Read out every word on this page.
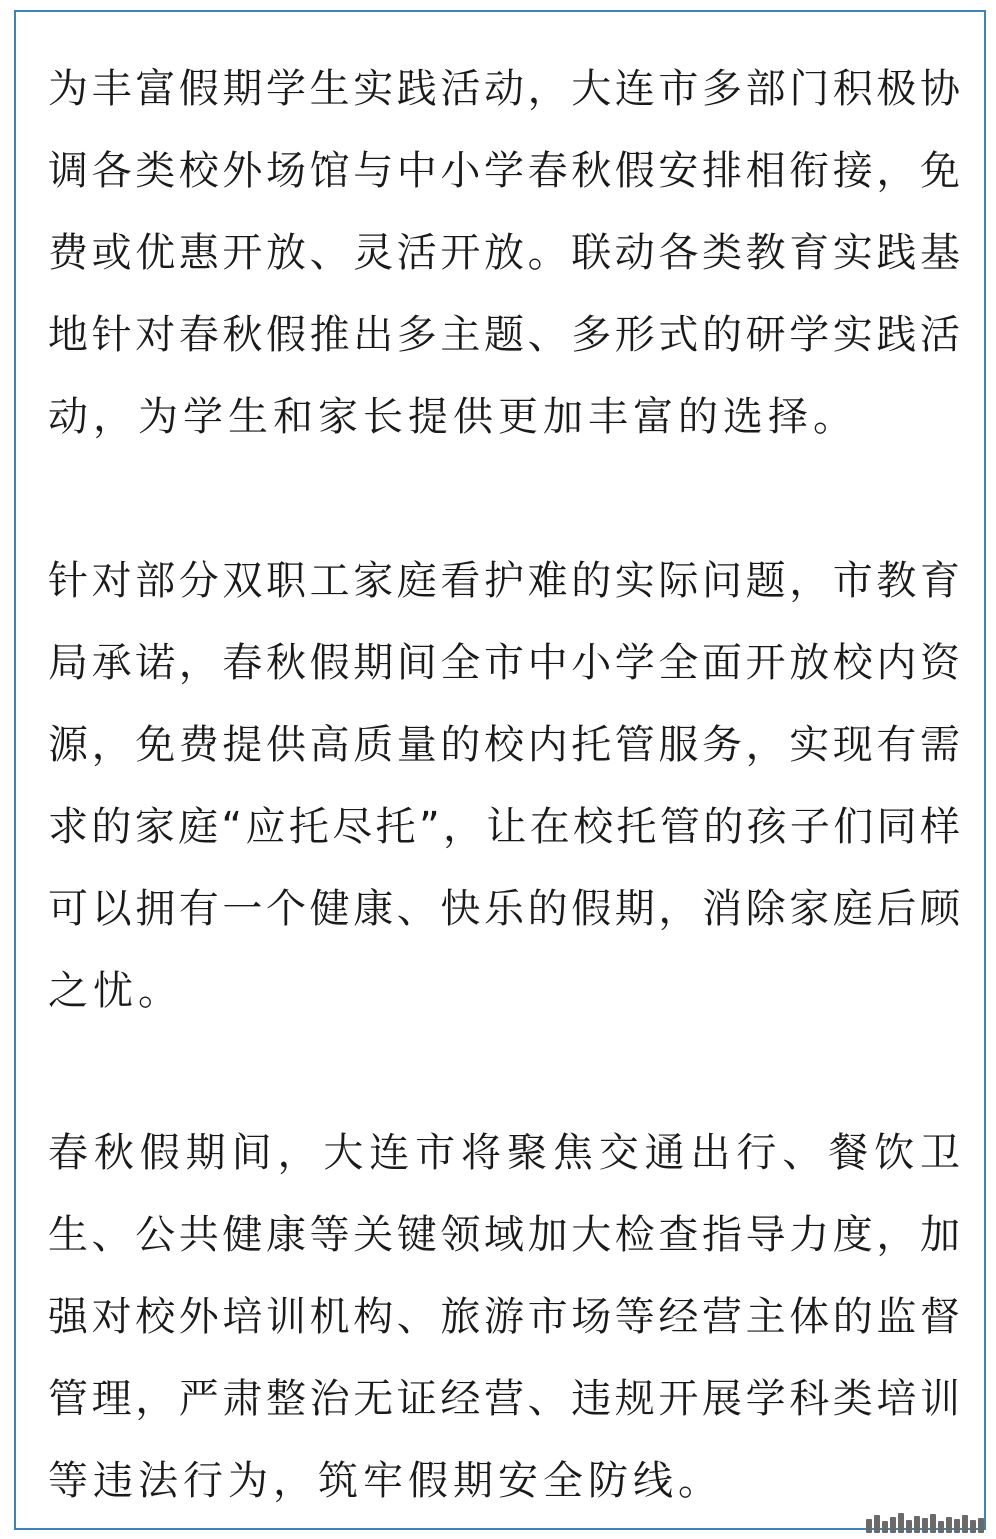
为丰富假期学生实践活动，大连市多部门积极协
调各类校外场馆与中小学春秋假安排相衔接，免
费或优惠开放、灵活开放。联动各类教育实践基
地针对春秋假推出多主题、多形式的研学实践活
动，为学生和家长提供更加丰富的选择。
针对部分双职工家庭看护难的实际问题，市教育
局承诺，春秋假期间全市中小学全面开放校内资
源，免费提供高质量的校内托管服务，实现有需
求的家庭“应托尽托”，让在校托管的孩子们同样
可以拥有一个健康、快乐的假期，消除家庭后顾
之忧。
春秋假期间，大连市将聚焦交通出行、餐饮卫
生、公共健康等关键领域加大检查指导力度，加
强对校外培训机构、旅游市场等经营主体的监督
管理，严肃整治无证经营、违规开展学科类培训
等违法行为，筑牢假期安全防线。
